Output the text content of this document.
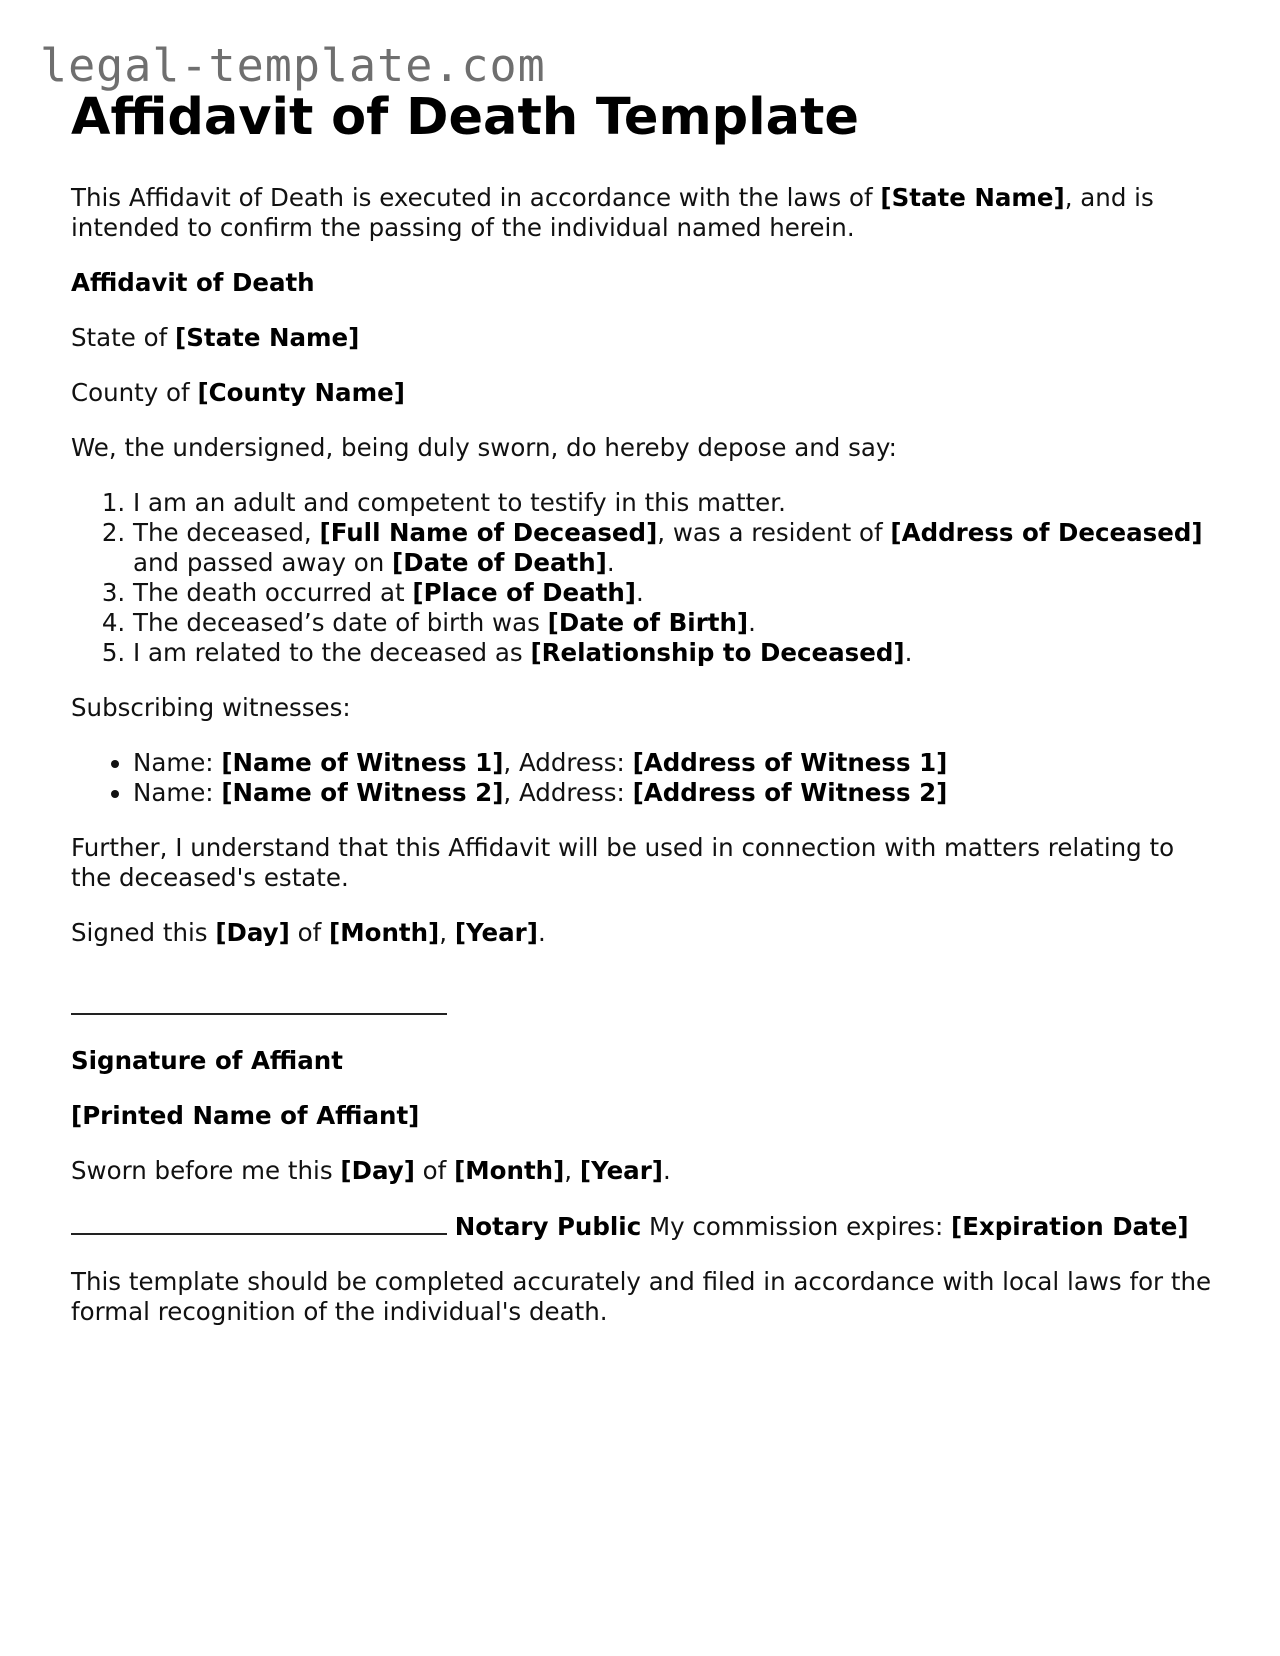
legal-template.com
Affidavit of Death Template

This Affidavit of Death is executed in accordance with the laws of [State Name], and is intended to confirm the passing of the individual named herein.

Affidavit of Death

State of [State Name]

County of [County Name]

We, the undersigned, being duly sworn, do hereby depose and say:

1. I am an adult and competent to testify in this matter.
2. The deceased, [Full Name of Deceased], was a resident of [Address of Deceased] and passed away on [Date of Death].
3. The death occurred at [Place of Death].
4. The deceased’s date of birth was [Date of Birth].
5. I am related to the deceased as [Relationship to Deceased].

Subscribing witnesses:

• Name: [Name of Witness 1], Address: [Address of Witness 1]
• Name: [Name of Witness 2], Address: [Address of Witness 2]

Further, I understand that this Affidavit will be used in connection with matters relating to the deceased's estate.

Signed this [Day] of [Month], [Year].

Signature of Affiant

[Printed Name of Affiant]

Sworn before me this [Day] of [Month], [Year].

Notary Public My commission expires: [Expiration Date]

This template should be completed accurately and filed in accordance with local laws for the formal recognition of the individual's death.
